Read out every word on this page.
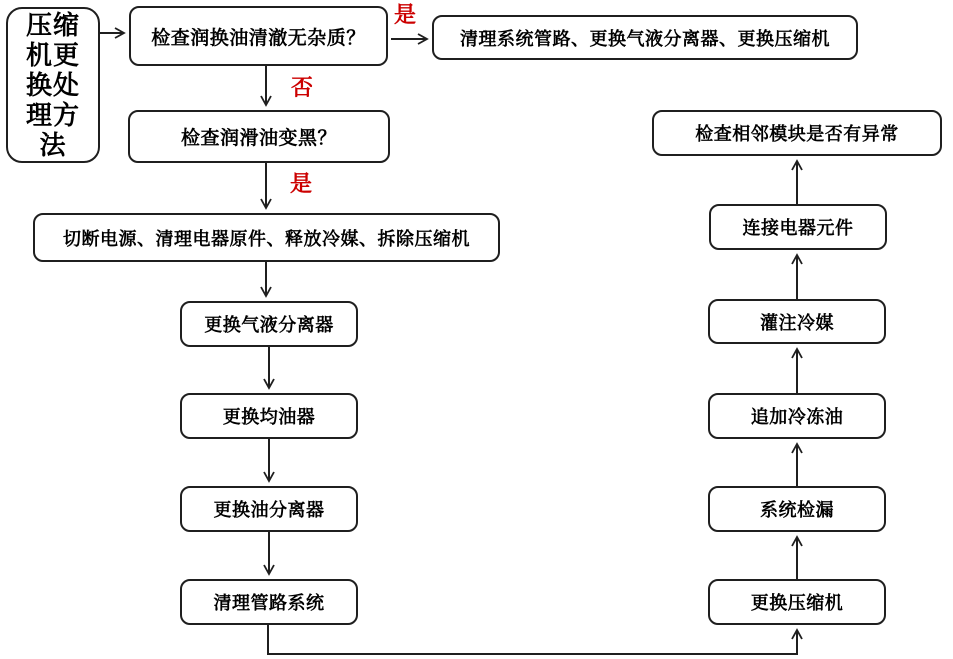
压缩
机更
换处
理方
法
检查润换油清澈无杂质？	清理系统管路、更换气液分离器、更换压缩机
检查润滑油变黑？
切断电源、清理电器原件、释放冷媒、拆除压缩机
更换气液分离器
更换均油器
更换油分离器
清理管路系统	更换压缩机
系统检漏
追加冷冻油
灌注冷媒
连接电器元件
检查相邻模块是否有异常
是
否
是
